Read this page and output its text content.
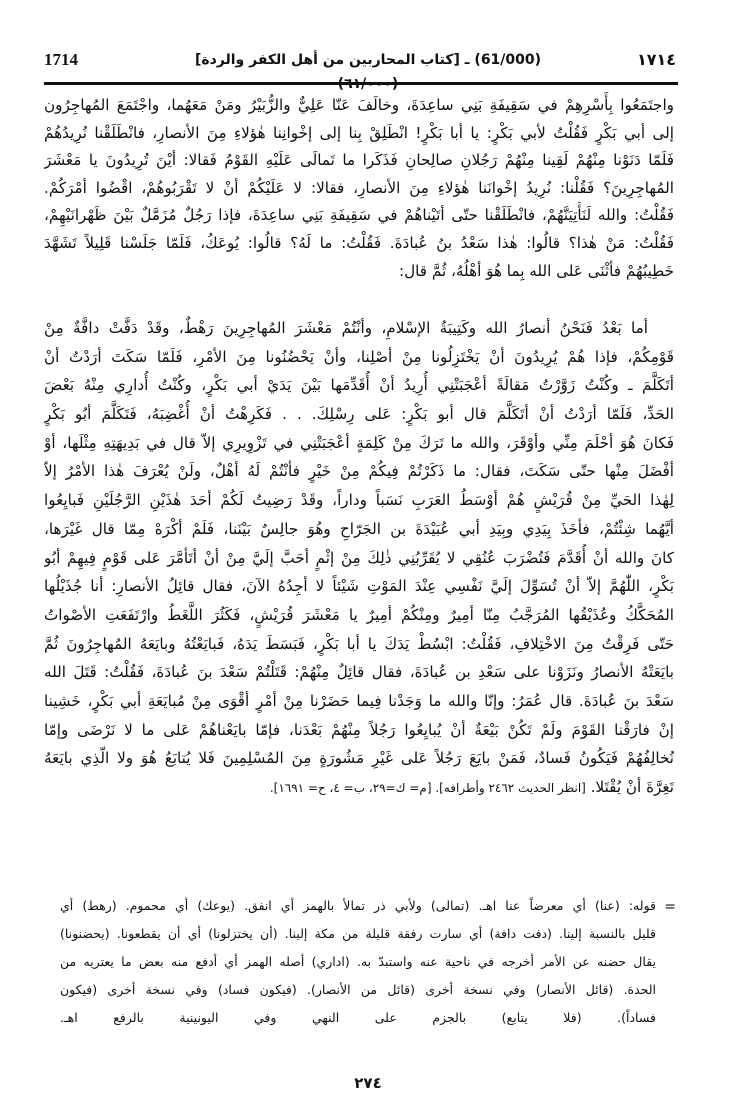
1714	(61/000) ـ [كتاب المحاربين من أهل الكفر والردة]	١٧١٤
واجتَمَعُوا بِأَسْرِهِمْ في سَقِيفَةِ بَنِي ساعِدَةَ، وخالَفَ عَنّا عَلِيٌّ والزُّبَيْرُ ومَنْ مَعَهُما، واجْتَمَعَ المُهاجِرُون
إلى أبي بَكْرٍ فَقُلْتُ لأبي بَكْرٍ: يا أبا بَكْرٍ! انْطَلِقْ بِنا إلى إخْوانِنا هٰؤلاءِ مِنَ الأنصارِ، فانْطَلَقْنا نُرِيدُهُمْ
فَلَمّا دَنَوْنا مِنْهُمْ لَقِينا مِنْهُمْ رَجُلانِ صالِحانِ فَذَكَرا ما تَمالَى عَلَيْهِ القَوْمُ فَقالا: أيْنَ تُرِيدُونَ يا مَعْشَرَ
المُهاجِرِينَ؟ فَقُلْنا: نُرِيدُ إخْوانَنا هٰؤلاءِ مِنَ الأنصارِ، فقالا: لا عَلَيْكُمْ أنْ لا تَقْرَبُوهُمْ، اقْضُوا أمْرَكُمْ.
فَقُلْتُ: والله لَنَأْتِيَنَّهُمْ، فانْطَلَقْنا حتّى أتَيْناهُمْ في سَقِيفَةِ بَنِي ساعِدَةَ، فإذا رَجُلٌ مُزَمَّلٌ بَيْنَ ظَهْرانَيْهِمْ،
فَقُلْتُ: مَنْ هٰذا؟ قالُوا: هٰذا سَعْدُ بنُ عُبادَةَ. فَقُلْتُ: ما لَهُ؟ قالُوا: يُوعَكُ، فَلَمّا جَلَسْنا قَلِيلاً تَشَهَّدَ
خَطِيبُهُمْ فأثْنَى عَلى الله بِما هُوَ أهْلُهُ، ثُمَّ قال:
أما بَعْدُ فَنَحْنُ أنصارُ الله وكَتِيبَةُ الإسْلامِ، وأنْتُمْ مَعْشَرَ المُهاجِرِينَ رَهْطٌ، وقَدْ دَفَّتْ دافَّةٌ مِنْ
قَوْمِكُمْ، فإذا هُمْ يُرِيدُونَ أنْ يَخْتَزِلُونا مِنْ أصْلِنا، وأنْ يَحْضُنُونا مِنَ الأمْرِ، فَلَمّا سَكَتَ أرَدْتُ أنْ
أتَكَلَّمَ ـ وكُنْتُ زَوَّرْتُ مَقالَةً أعْجَبَتْنِي أُرِيدُ أنْ أُقَدِّمَها بَيْنَ يَدَيْ أبي بَكْرٍ، وكُنْتُ أُدارِي مِنْهُ بَعْضَ
الحَدِّ، فَلَمّا أرَدْتُ أنْ أتَكَلَّمَ قال أبو بَكْرٍ: عَلى رِسْلِكَ. . . فَكَرِهْتُ أنْ أُغْضِبَهُ، فَتَكَلَّمَ أبُو بَكْرٍ
فَكانَ هُوَ أحْلَمَ مِنِّي وأوْقَرَ، والله ما تَرَكَ مِنْ كَلِمَةٍ أعْجَبَتْنِي في تَزْوِيرِي إلاّ قال في بَدِيهَتِهِ مِثْلَها، أوْ
أفْضَلَ مِنْها حتّى سَكَتَ، فقال: ما ذَكَرْتُمْ فِيكُمْ مِنْ خَيْرٍ فأنْتُمْ لَهُ أهْلٌ، ولَنْ يُعْرَفَ هٰذا الأمْرُ إلاّ
لِهٰذا الحَيِّ مِنْ قُرَيْشٍ هُمْ أوْسَطُ العَرَبِ نَسَباً وداراً، وقَدْ رَضِيتُ لَكُمْ أحَدَ هٰذَيْنِ الرَّجُلَيْنِ فَبايِعُوا
أيَّهُما شِئْتُمْ، فأخَذَ بِيَدِي وبِيَدِ أبي عُبَيْدَةَ بن الجَرّاحِ وهُوَ جالِسٌ بَيْنَنا، فَلَمْ أكْرَهْ مِمّا قال غَيْرَها،
كانَ والله أنْ أُقَدَّمَ فَتُضْرَبَ عُنُقِي لا يُقَرِّبُنِي ذٰلِكَ مِنْ إثْمٍ أحَبَّ إلَيَّ مِنْ أنْ أتَأمَّرَ عَلى قَوْمٍ فِيهِمْ أبُو
بَكْرٍ، اللّٰهُمَّ إلاّ أنْ تُسَوِّلَ إلَيَّ نَفْسِي عِنْدَ المَوْتِ شَيْئاً لا أجِدُهُ الآنَ، فقال قائِلُ الأنصارِ: أنا جُذَيْلُها
المُحَكَّكُ وعُذَيْقُها المُرَجَّبُ مِنّا أمِيرٌ ومِنْكُمْ أمِيرٌ يا مَعْشَرَ قُرَيْشٍ، فَكَثُرَ اللَّغَطُ وارْتَفَعَتِ الأصْواتُ
حَتّى فَرِقْتُ مِنَ الاخْتِلافِ، فَقُلْتُ: ابْسُطْ يَدَكَ يا أبا بَكْرٍ، فَبَسَطَ يَدَهُ، فَبايَعْتُهُ وبايَعَهُ المُهاجِرُونَ ثُمَّ
بايَعَتْهُ الأنصارُ ونَزَوْنا على سَعْدِ بن عُبادَةَ، فقال قائِلٌ مِنْهُمْ: قَتَلْتُمْ سَعْدَ بنَ عُبادَةَ، فَقُلْتُ: قَتَلَ الله
سَعْدَ بنَ عُبادَةَ. قال عُمَرُ: وإنّا والله ما وَجَدْنا فِيما حَضَرْنا مِنْ أمْرٍ أقْوَى مِنْ مُبايَعَةِ أبي بَكْرٍ، خَشِينا
إنْ فارَقْنا القَوْمَ ولَمْ تَكُنْ بَيْعَةٌ أنْ يُبايِعُوا رَجُلاً مِنْهُمْ بَعْدَنا، فإمّا بايَعْناهُمْ عَلى ما لا نَرْضَى وإمّا
نُخالِفُهُمْ فَيَكُونُ فَسادٌ، فَمَنْ بايَعَ رَجُلاً عَلى غَيْرِ مَشُورَةٍ مِنَ المُسْلِمِينَ فَلا يُتابَعُ هُوَ ولا الّذِي بايَعَهُ
تَغِرَّةَ أنْ يُقْتَلا. [انظر الحديث ٢٤٦٢ وأطرافه]. [م= ك=٢٩، ب= ٤، ح= ١٦٩١].
=
قوله: (عنا) أي معرضاً عنا اهـ. (تمالى) ولأبي ذر تمالأ بالهمز أي انفق. (يوعك) أي محموم. (رهط) أي
قليل بالنسبة إلينا. (دفت دافة) أي سارت رفقة قليلة من مكة إلينا. (أن يختزلونا) أي أن يقطعونا. (يحضنونا)
يقال حضنه عن الأمر أخرجه في ناحية عنه واستبدّ به. (اداري) أصله الهمز أي أدفع منه بعض ما يعتريه من
الحدة. (قائل الأنصار) وفي نسخة أخرى (قائل من الأنصار). (فيكون فساد) وفي نسخة أخرى (فيكون
فساداً). (فلا يتابع) بالجزم على النهي وفي اليونينية بالرفع اهـ.
٢٧٤
